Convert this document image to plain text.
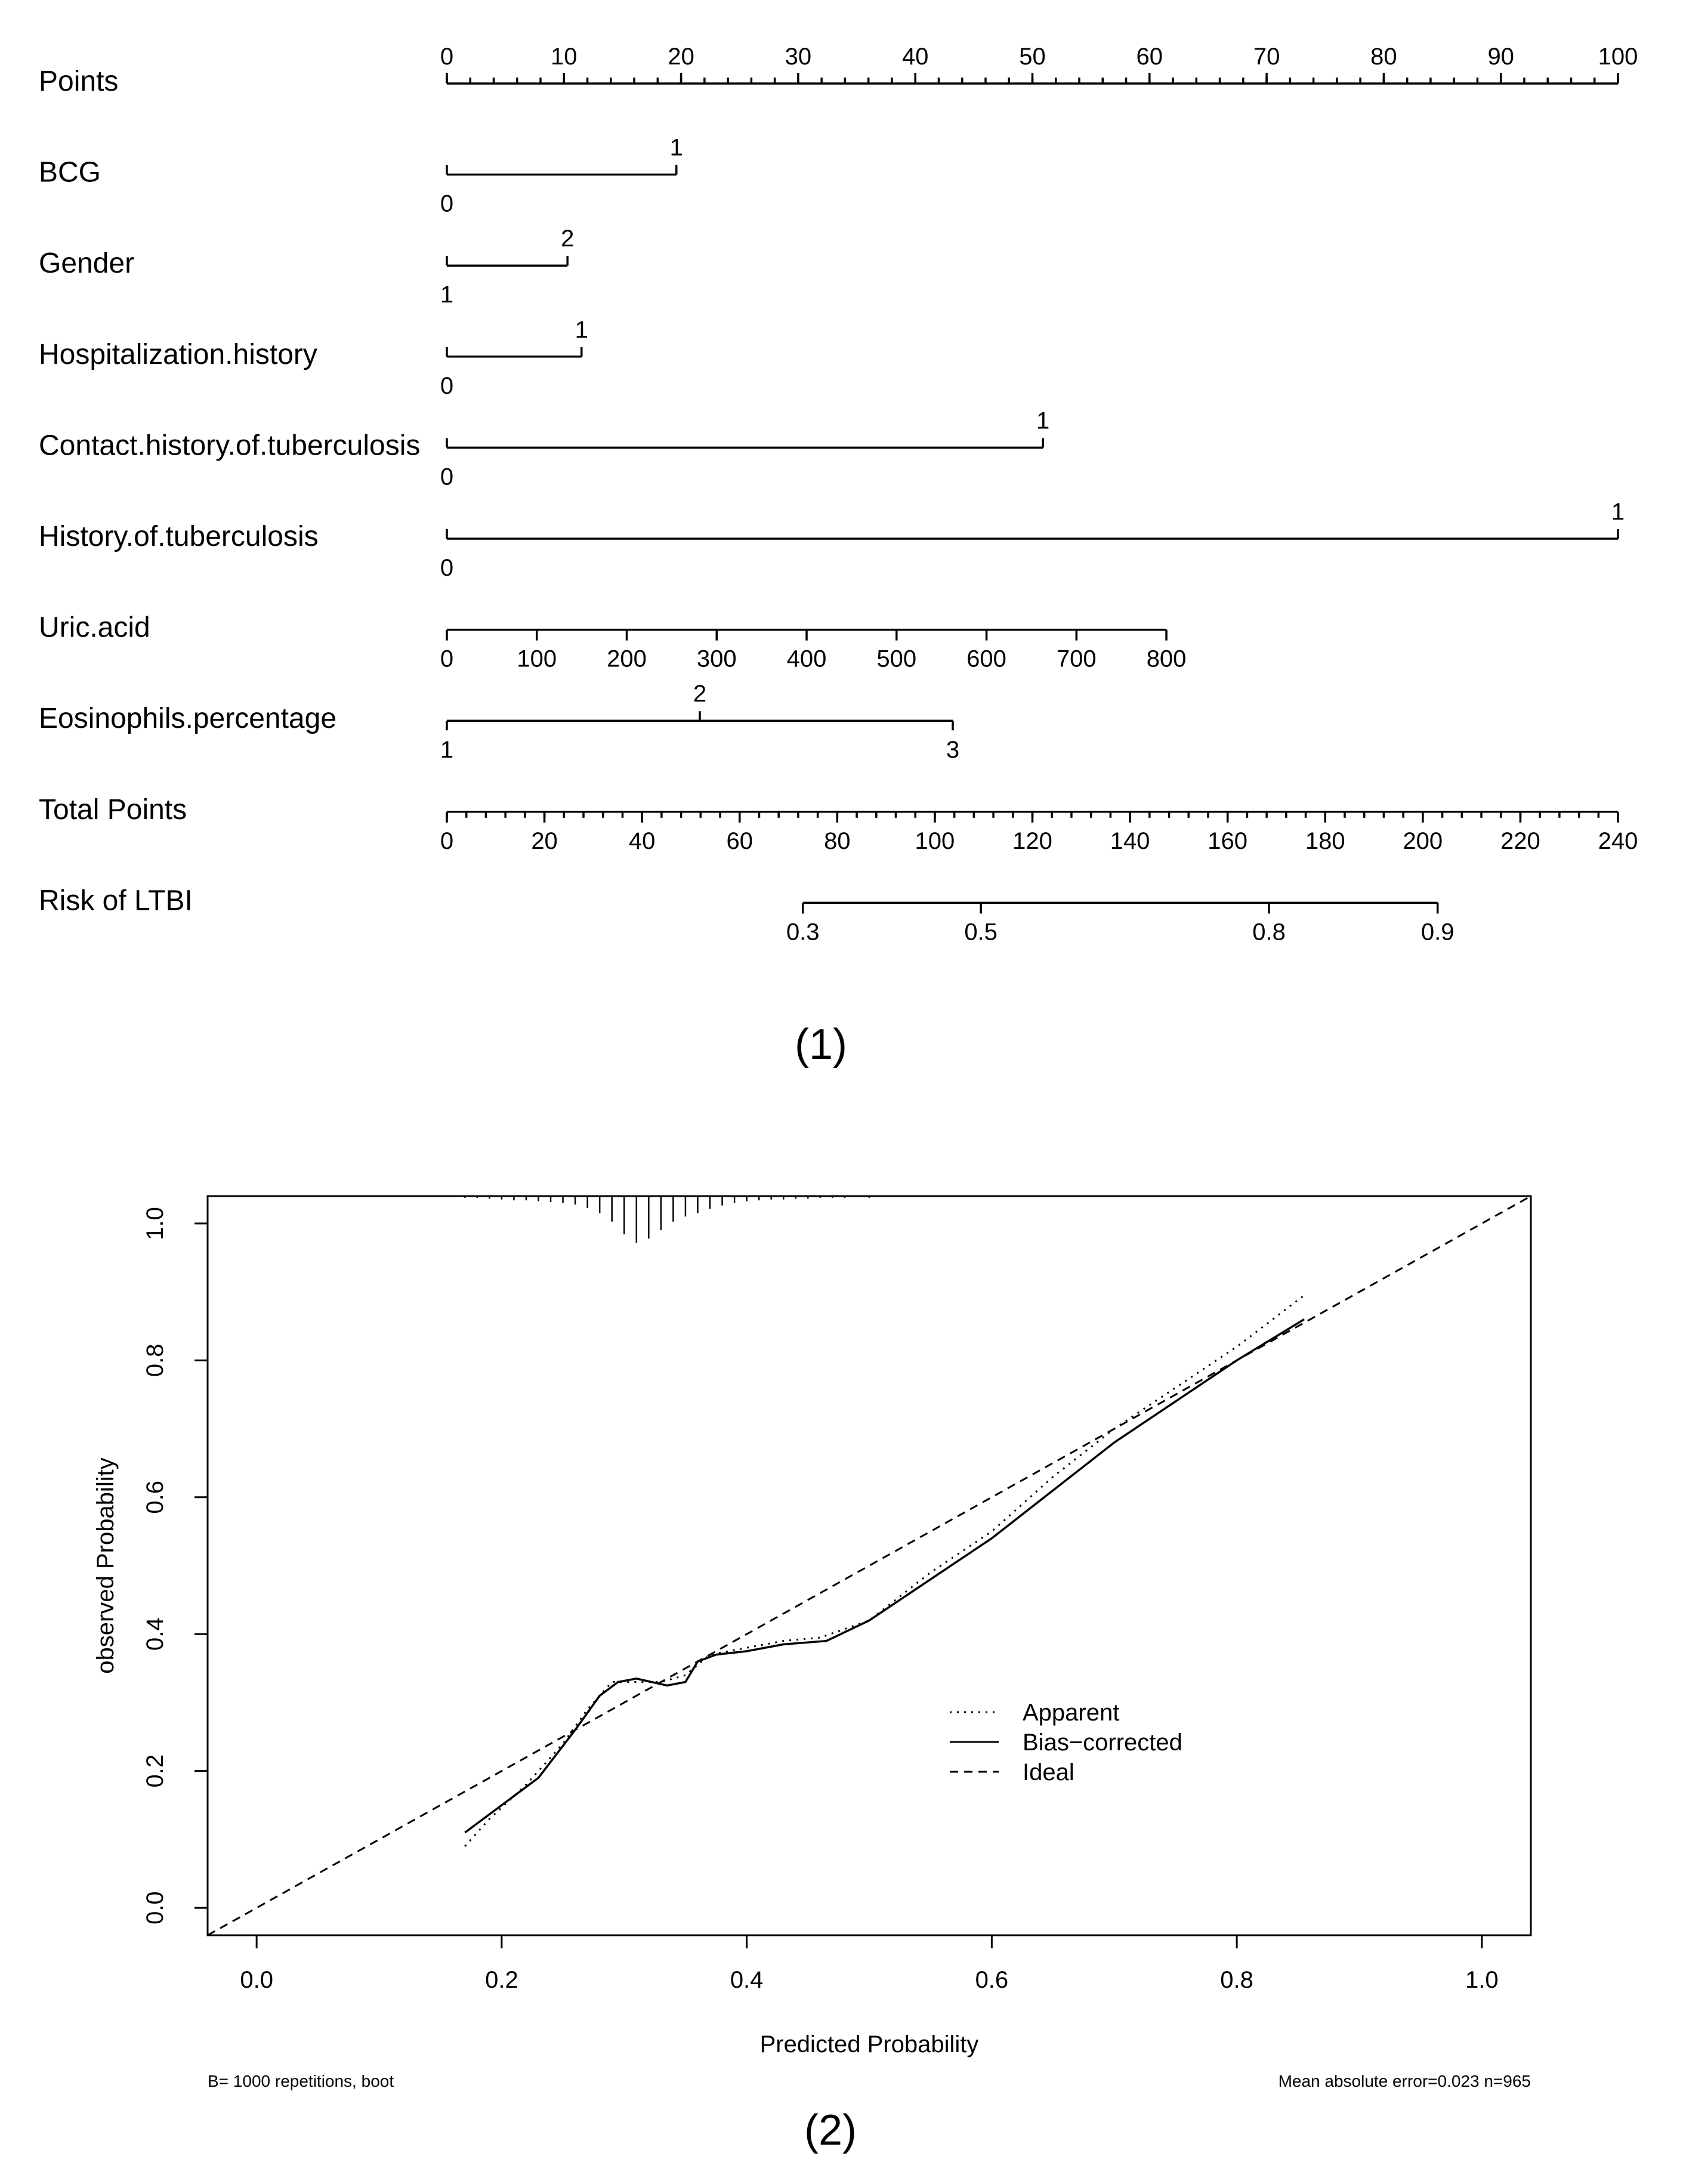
Points
0	10	20	30	40	50	60	70	80	90	100
BCG
0
1
Gender
1
2
Hospitalization.history
0
1
Contact.history.of.tuberculosis
0
1
History.of.tuberculosis
0
1
Uric.acid
0	100 200 300 400 500 600 700 800
Eosinophils.percentage
1
2
3
Total Points
0	20	40	60	80	100 120 140 160 180 200 220 240
Risk of LTBI
0.3	0.5	0.8	0.9
(1)
0.0	0.2	0.4	0.6	0.8	1.0
0.0
0.2
0.4
0.6
0.8
1.0
Predicted Probability
observed Probability
Apparent
Bias−corrected
Ideal
B= 1000 repetitions, boot	Mean absolute error=0.023 n=965
(2)
